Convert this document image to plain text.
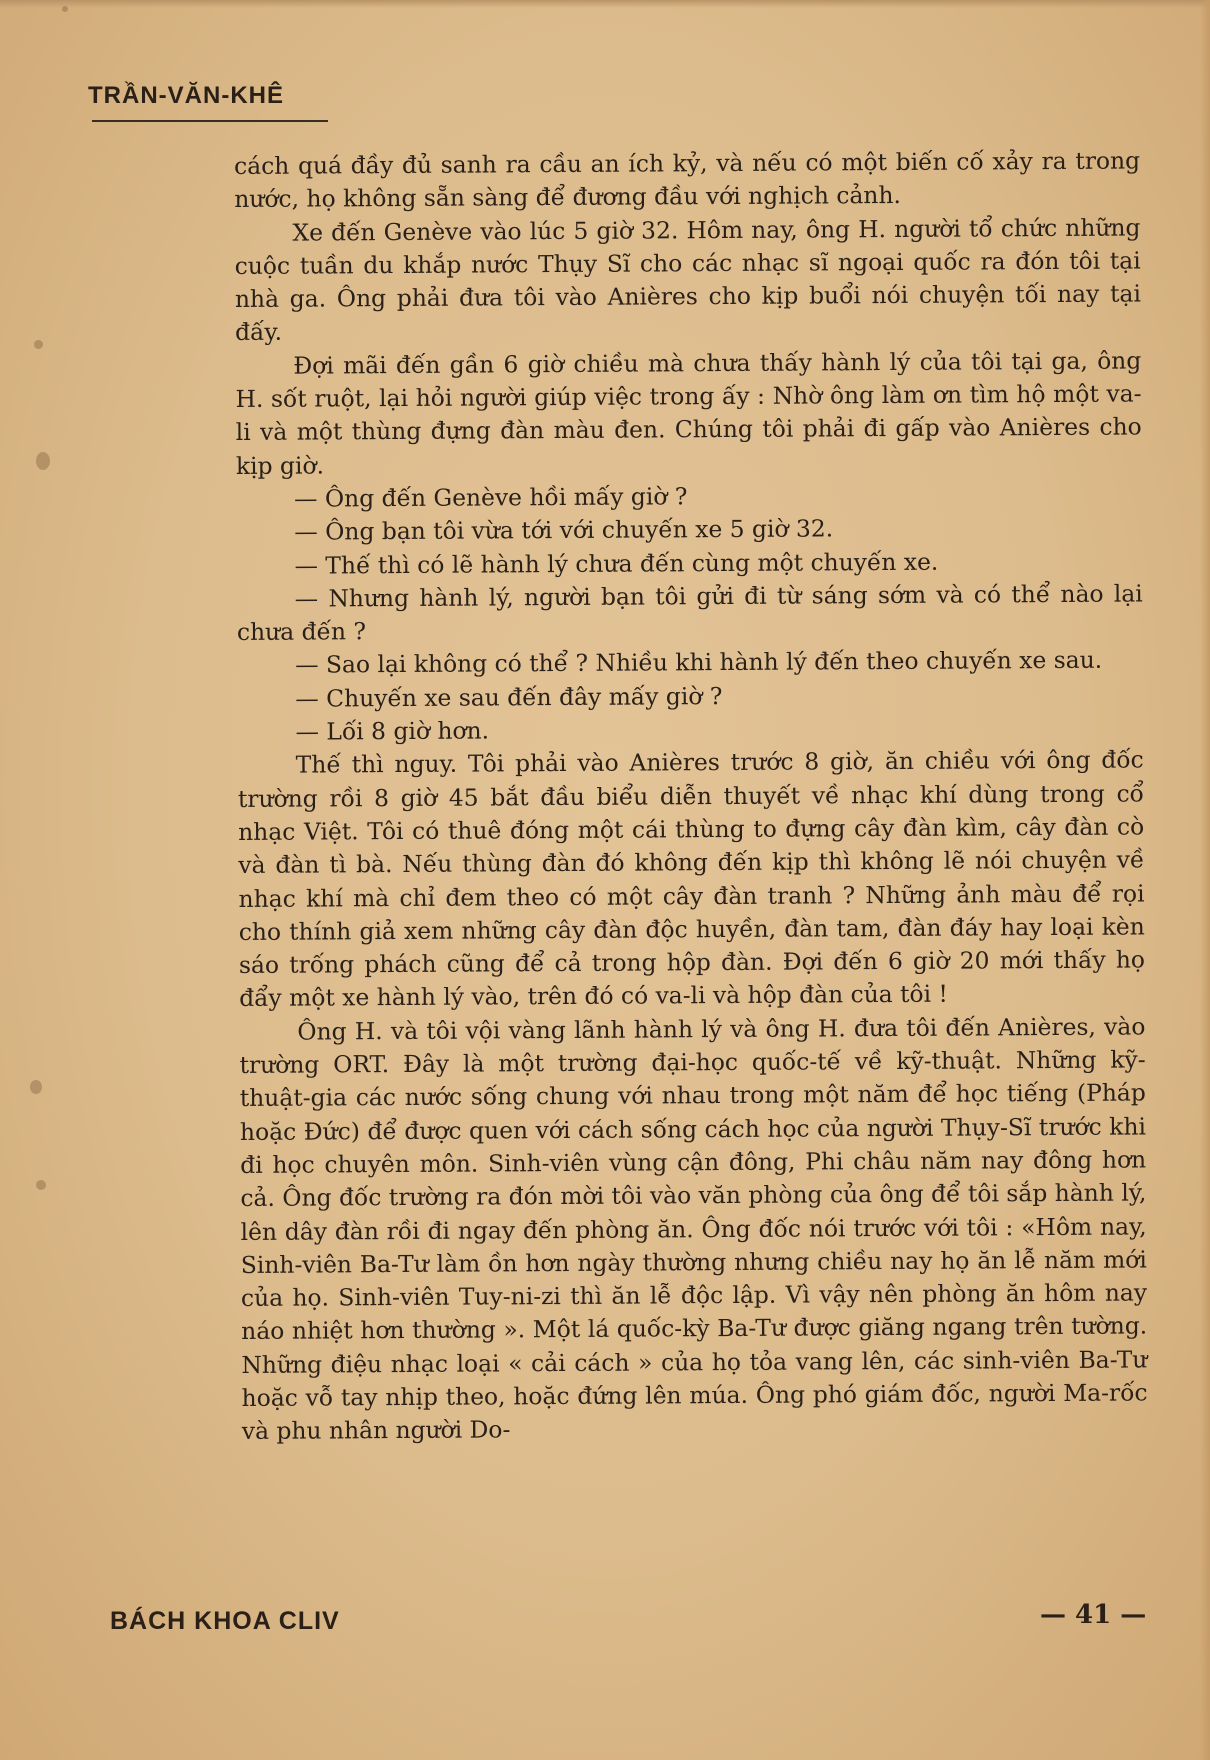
TRẦN-VĂN-KHÊ

cách quá đầy đủ sanh ra cầu an ích kỷ, và nếu có một biến cố xảy ra trong nước, họ không sẵn sàng để đương đầu với nghịch cảnh.

Xe đến Genève vào lúc 5 giờ 32. Hôm nay, ông H. người tổ chức những cuộc tuần du khắp nước Thụy Sĩ cho các nhạc sĩ ngoại quốc ra đón tôi tại nhà ga. Ông phải đưa tôi vào Anières cho kịp buổi nói chuyện tối nay tại đấy.

Đợi mãi đến gần 6 giờ chiều mà chưa thấy hành lý của tôi tại ga, ông H. sốt ruột, lại hỏi người giúp việc trong ấy : Nhờ ông làm ơn tìm hộ một va-li và một thùng đựng đàn màu đen. Chúng tôi phải đi gấp vào Anières cho kịp giờ.

— Ông đến Genève hồi mấy giờ ?

— Ông bạn tôi vừa tới với chuyến xe 5 giờ 32.

— Thế thì có lẽ hành lý chưa đến cùng một chuyến xe.

— Nhưng hành lý, người bạn tôi gửi đi từ sáng sớm và có thể nào lại chưa đến ?

— Sao lại không có thể ? Nhiều khi hành lý đến theo chuyến xe sau.

— Chuyến xe sau đến đây mấy giờ ?

— Lối 8 giờ hơn.

Thế thì nguy. Tôi phải vào Anières trước 8 giờ, ăn chiều với ông đốc trường rồi 8 giờ 45 bắt đầu biểu diễn thuyết về nhạc khí dùng trong cổ nhạc Việt. Tôi có thuê đóng một cái thùng to đựng cây đàn kìm, cây đàn cò và đàn tì bà. Nếu thùng đàn đó không đến kịp thì không lẽ nói chuyện về nhạc khí mà chỉ đem theo có một cây đàn tranh ? Những ảnh màu để rọi cho thính giả xem những cây đàn độc huyền, đàn tam, đàn đáy hay loại kèn sáo trống phách cũng để cả trong hộp đàn. Đợi đến 6 giờ 20 mới thấy họ đẩy một xe hành lý vào, trên đó có va-li và hộp đàn của tôi !

Ông H. và tôi vội vàng lãnh hành lý và ông H. đưa tôi đến Anières, vào trường ORT. Đây là một trường đại-học quốc-tế về kỹ-thuật. Những kỹ-thuật-gia các nước sống chung với nhau trong một năm để học tiếng (Pháp hoặc Đức) để được quen với cách sống cách học của người Thụy-Sĩ trước khi đi học chuyên môn. Sinh-viên vùng cận đông, Phi châu năm nay đông hơn cả. Ông đốc trường ra đón mời tôi vào văn phòng của ông để tôi sắp hành lý, lên dây đàn rồi đi ngay đến phòng ăn. Ông đốc nói trước với tôi : «Hôm nay, Sinh-viên Ba-Tư làm ồn hơn ngày thường nhưng chiều nay họ ăn lễ năm mới của họ. Sinh-viên Tuy-ni-zi thì ăn lễ độc lập. Vì vậy nên phòng ăn hôm nay náo nhiệt hơn thường ». Một lá quốc-kỳ Ba-Tư được giăng ngang trên tường. Những điệu nhạc loại « cải cách » của họ tỏa vang lên, các sinh-viên Ba-Tư hoặc vỗ tay nhịp theo, hoặc đứng lên múa. Ông phó giám đốc, người Ma-rốc và phu nhân người Do-

BÁCH KHOA CLIV	— 41 —
